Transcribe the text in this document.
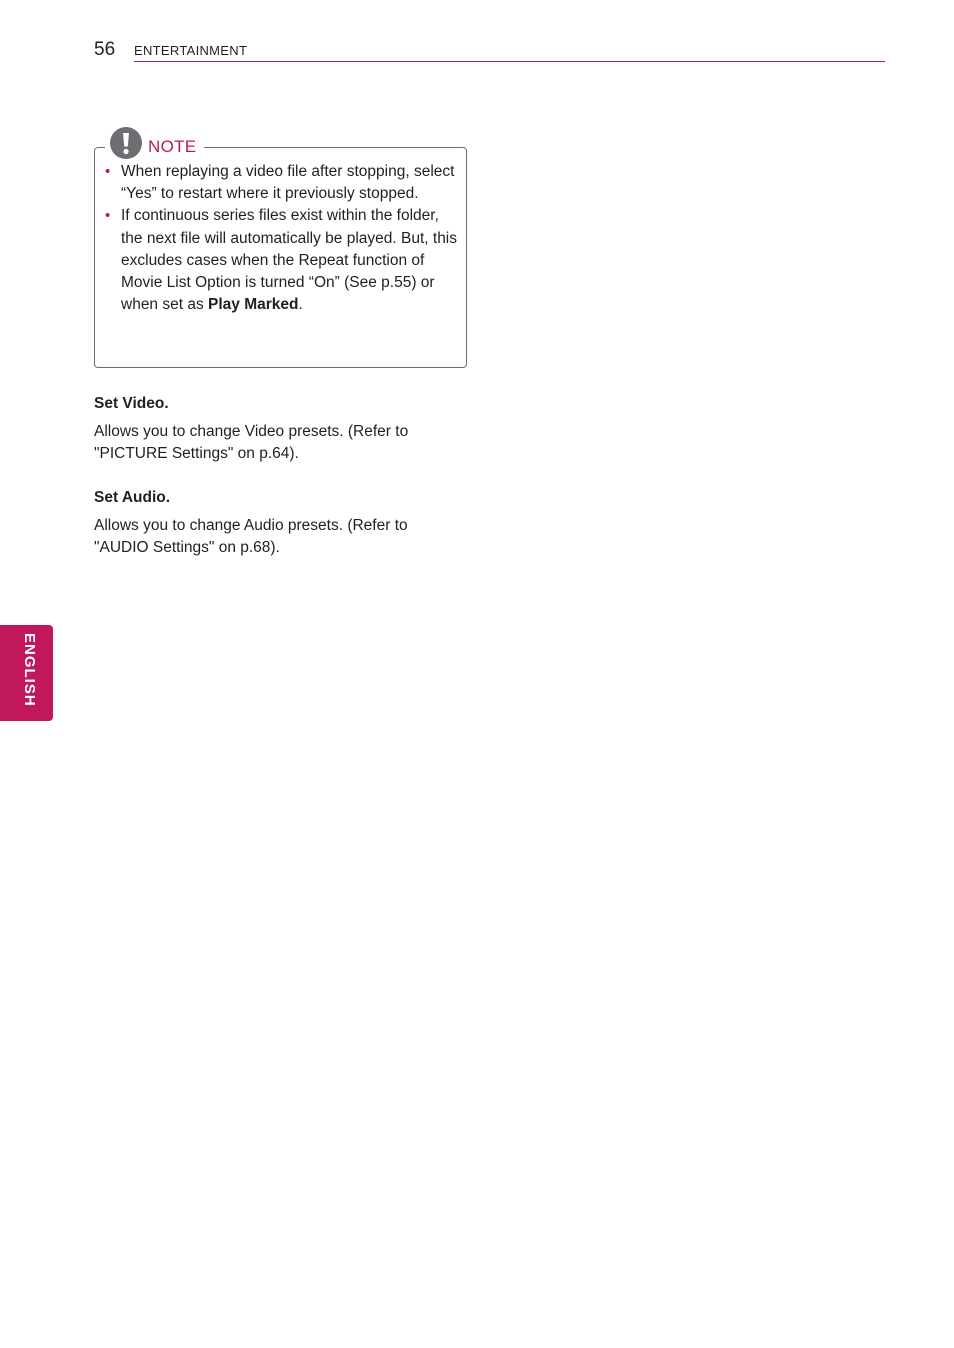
56 ENTERTAINMENT
NOTE
• When replaying a video file after stopping, select “Yes” to restart where it previously stopped.
• If continuous series files exist within the folder, the next file will automatically be played. But, this excludes cases when the Repeat function of Movie List Option is turned “On” (See p.55) or when set as Play Marked.
Set Video.
Allows you to change Video presets. (Refer to "PICTURE Settings" on p.64).
Set Audio.
Allows you to change Audio presets. (Refer to "AUDIO Settings" on p.68).
ENGLISH
